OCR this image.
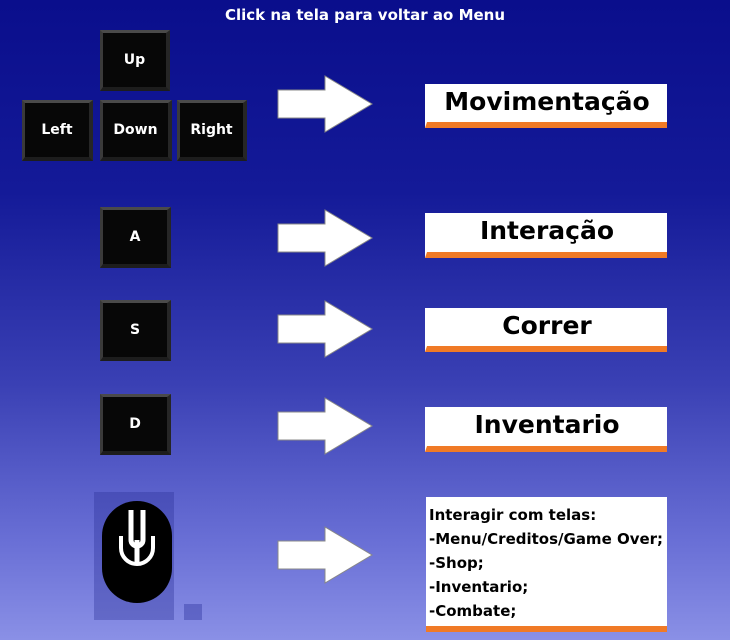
Click na tela para voltar ao Menu
Up
Left	Down Right
A
S
D
Movimentação
Interação
Correr
Inventario
Interagir com telas:
-Menu/Creditos/Game Over;
-Shop;
-Inventario;
-Combate;
